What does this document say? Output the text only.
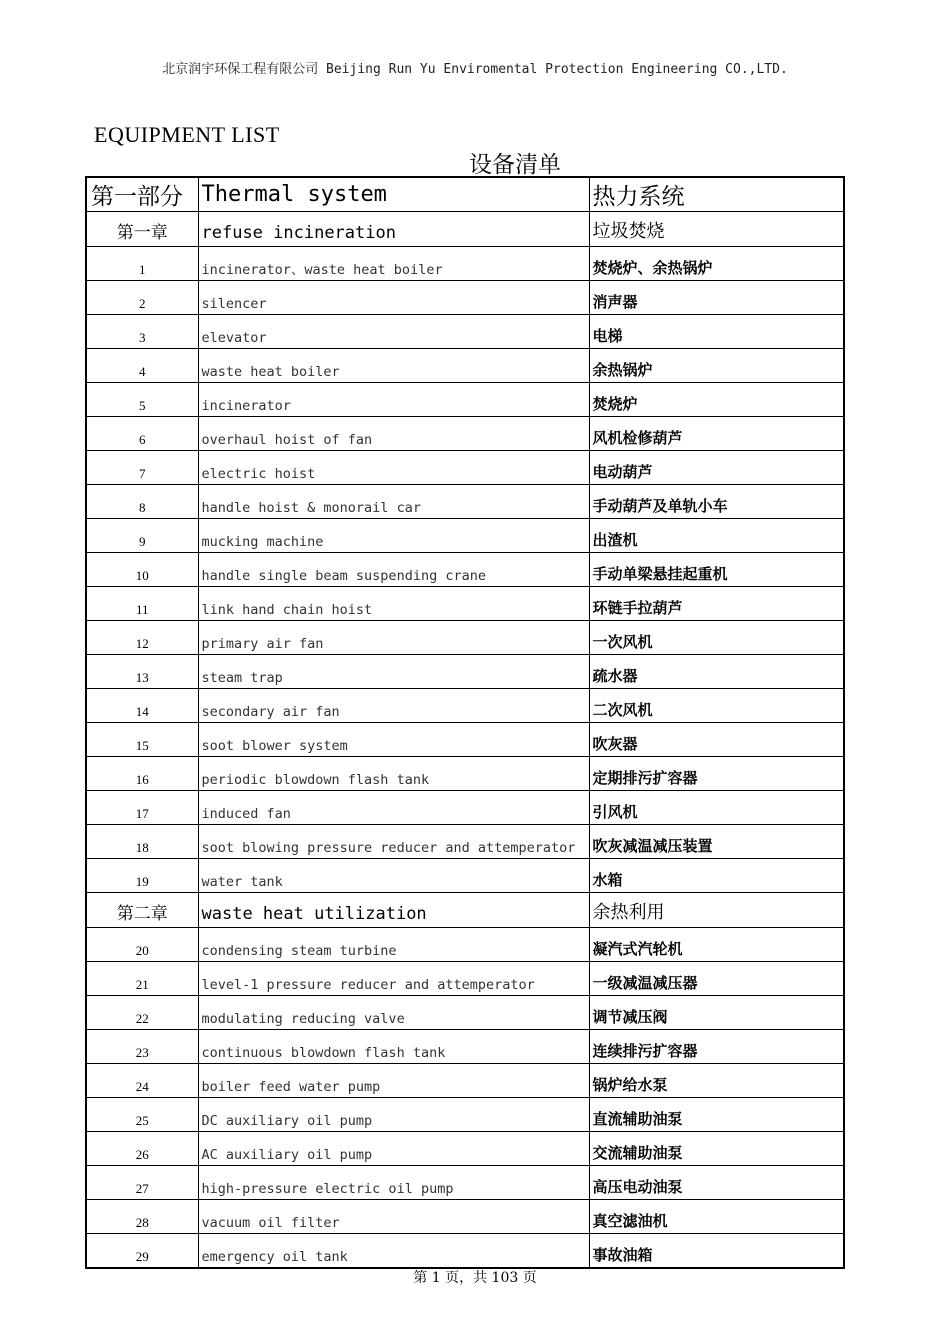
北京润宇环保工程有限公司 Beijing Run Yu Enviromental Protection Engineering CO.,LTD.
EQUIPMENT LIST
设备清单
第一部分	Thermal system	热力系统
第一章	refuse incineration	垃圾焚烧
1	incinerator、waste heat boiler	焚烧炉、余热锅炉
2	silencer	消声器
3	elevator	电梯
4	waste heat boiler	余热锅炉
5	incinerator	焚烧炉
6	overhaul hoist of fan	风机检修葫芦
7	electric hoist	电动葫芦
8	handle hoist & monorail car	手动葫芦及单轨小车
9	mucking machine	出渣机
10	handle single beam suspending crane	手动单梁悬挂起重机
11	link hand chain hoist	环链手拉葫芦
12	primary air fan	一次风机
13	steam trap	疏水器
14	secondary air fan	二次风机
15	soot blower system	吹灰器
16	periodic blowdown flash tank	定期排污扩容器
17	induced fan	引风机
18	soot blowing pressure reducer and attemperator	吹灰减温减压装置
19	water tank	水箱
第二章	waste heat utilization	余热利用
20	condensing steam turbine	凝汽式汽轮机
21	level-1 pressure reducer and attemperator	一级减温减压器
22	modulating reducing valve	调节减压阀
23	continuous blowdown flash tank	连续排污扩容器
24	boiler feed water pump	锅炉给水泵
25	DC auxiliary oil pump	直流辅助油泵
26	AC auxiliary oil pump	交流辅助油泵
27	high-pressure electric oil pump	高压电动油泵
28	vacuum oil filter	真空滤油机
29	emergency oil tank	事故油箱
第 1 页，共 103 页
